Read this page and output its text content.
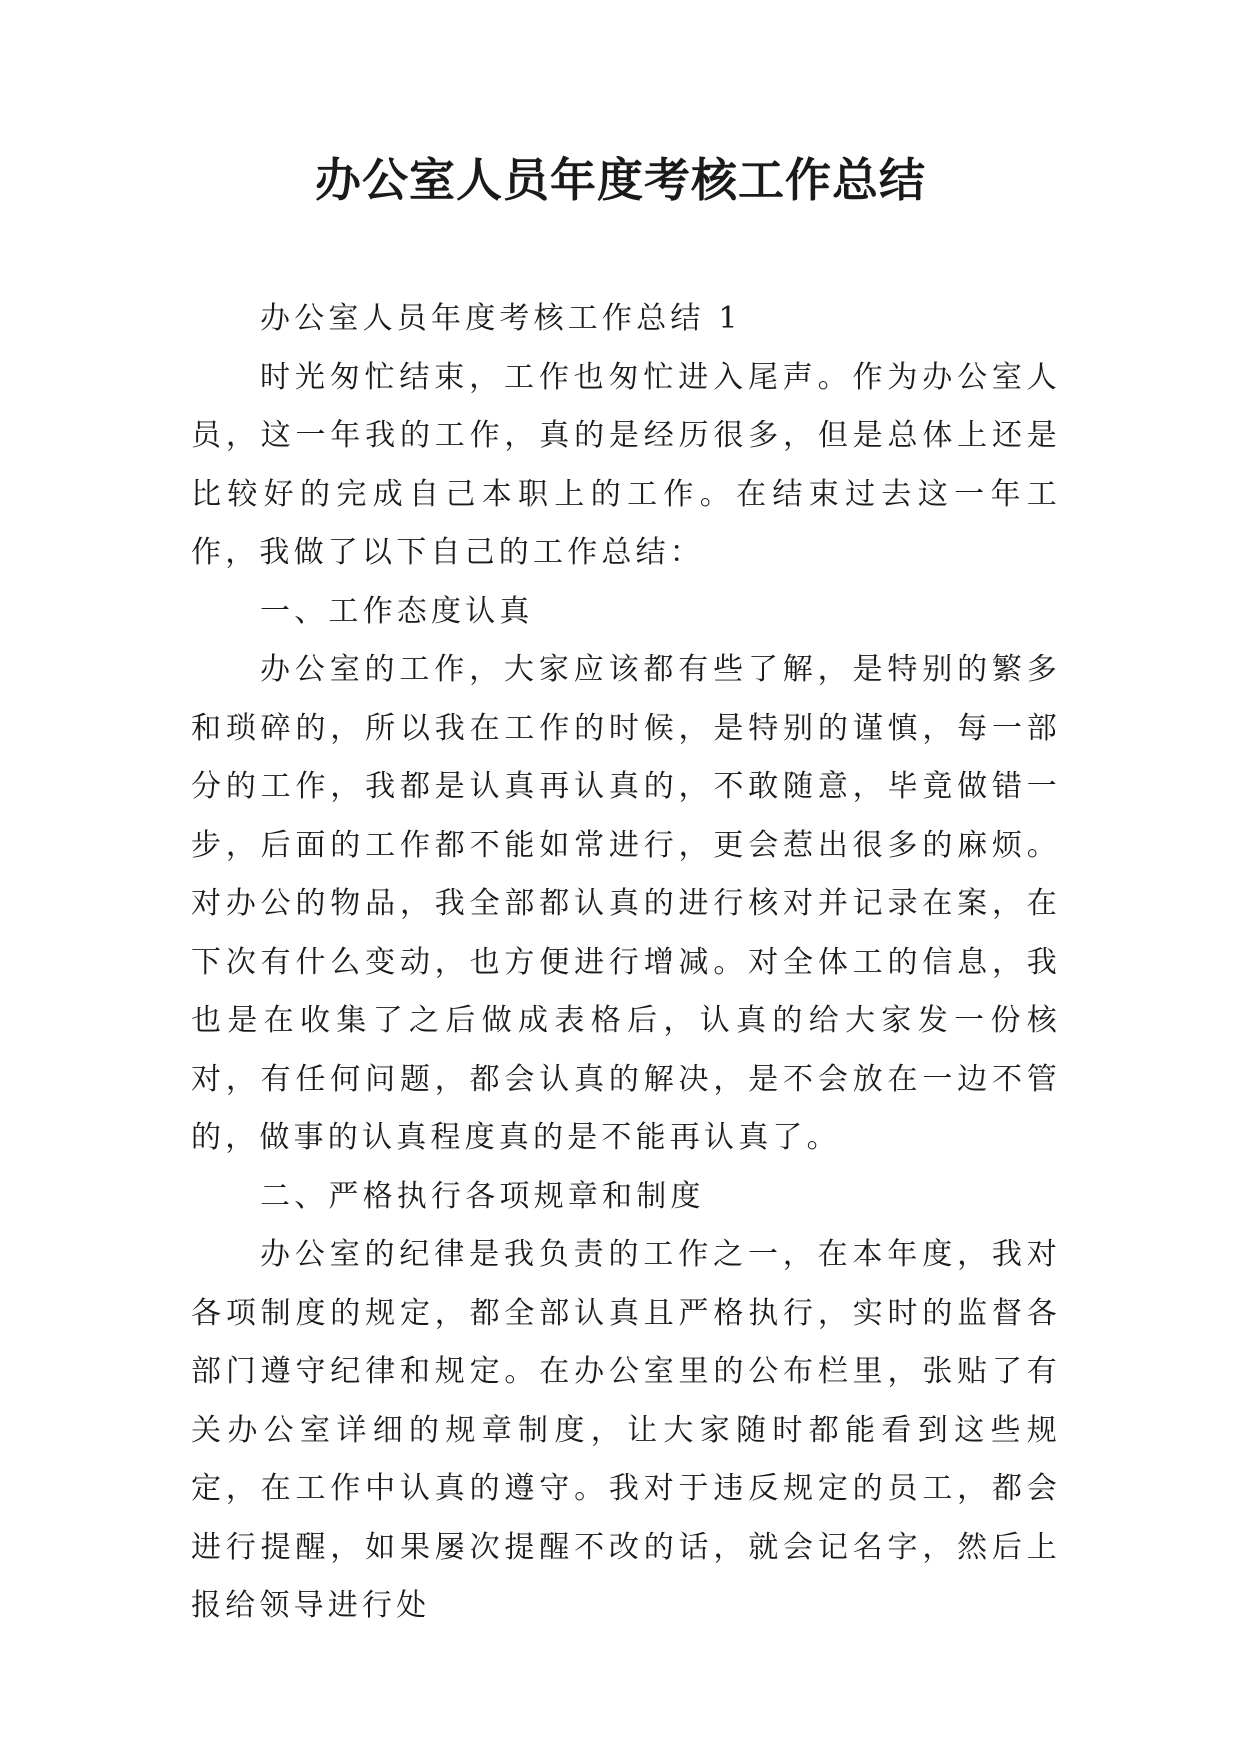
办公室人员年度考核工作总结

办公室人员年度考核工作总结 1

时光匆忙结束，工作也匆忙进入尾声。作为办公室人员，这一年我的工作，真的是经历很多，但是总体上还是比较好的完成自己本职上的工作。在结束过去这一年工作，我做了以下自己的工作总结：

一、工作态度认真

办公室的工作，大家应该都有些了解，是特别的繁多和琐碎的，所以我在工作的时候，是特别的谨慎，每一部分的工作，我都是认真再认真的，不敢随意，毕竟做错一步，后面的工作都不能如常进行，更会惹出很多的麻烦。对办公的物品，我全部都认真的进行核对并记录在案，在下次有什么变动，也方便进行增减。对全体工的信息，我也是在收集了之后做成表格后，认真的给大家发一份核对，有任何问题，都会认真的解决，是不会放在一边不管的，做事的认真程度真的是不能再认真了。

二、严格执行各项规章和制度

办公室的纪律是我负责的工作之一，在本年度，我对各项制度的规定，都全部认真且严格执行，实时的监督各部门遵守纪律和规定。在办公室里的公布栏里，张贴了有关办公室详细的规章制度，让大家随时都能看到这些规定，在工作中认真的遵守。我对于违反规定的员工，都会进行提醒，如果屡次提醒不改的话，就会记名字，然后上报给领导进行处
